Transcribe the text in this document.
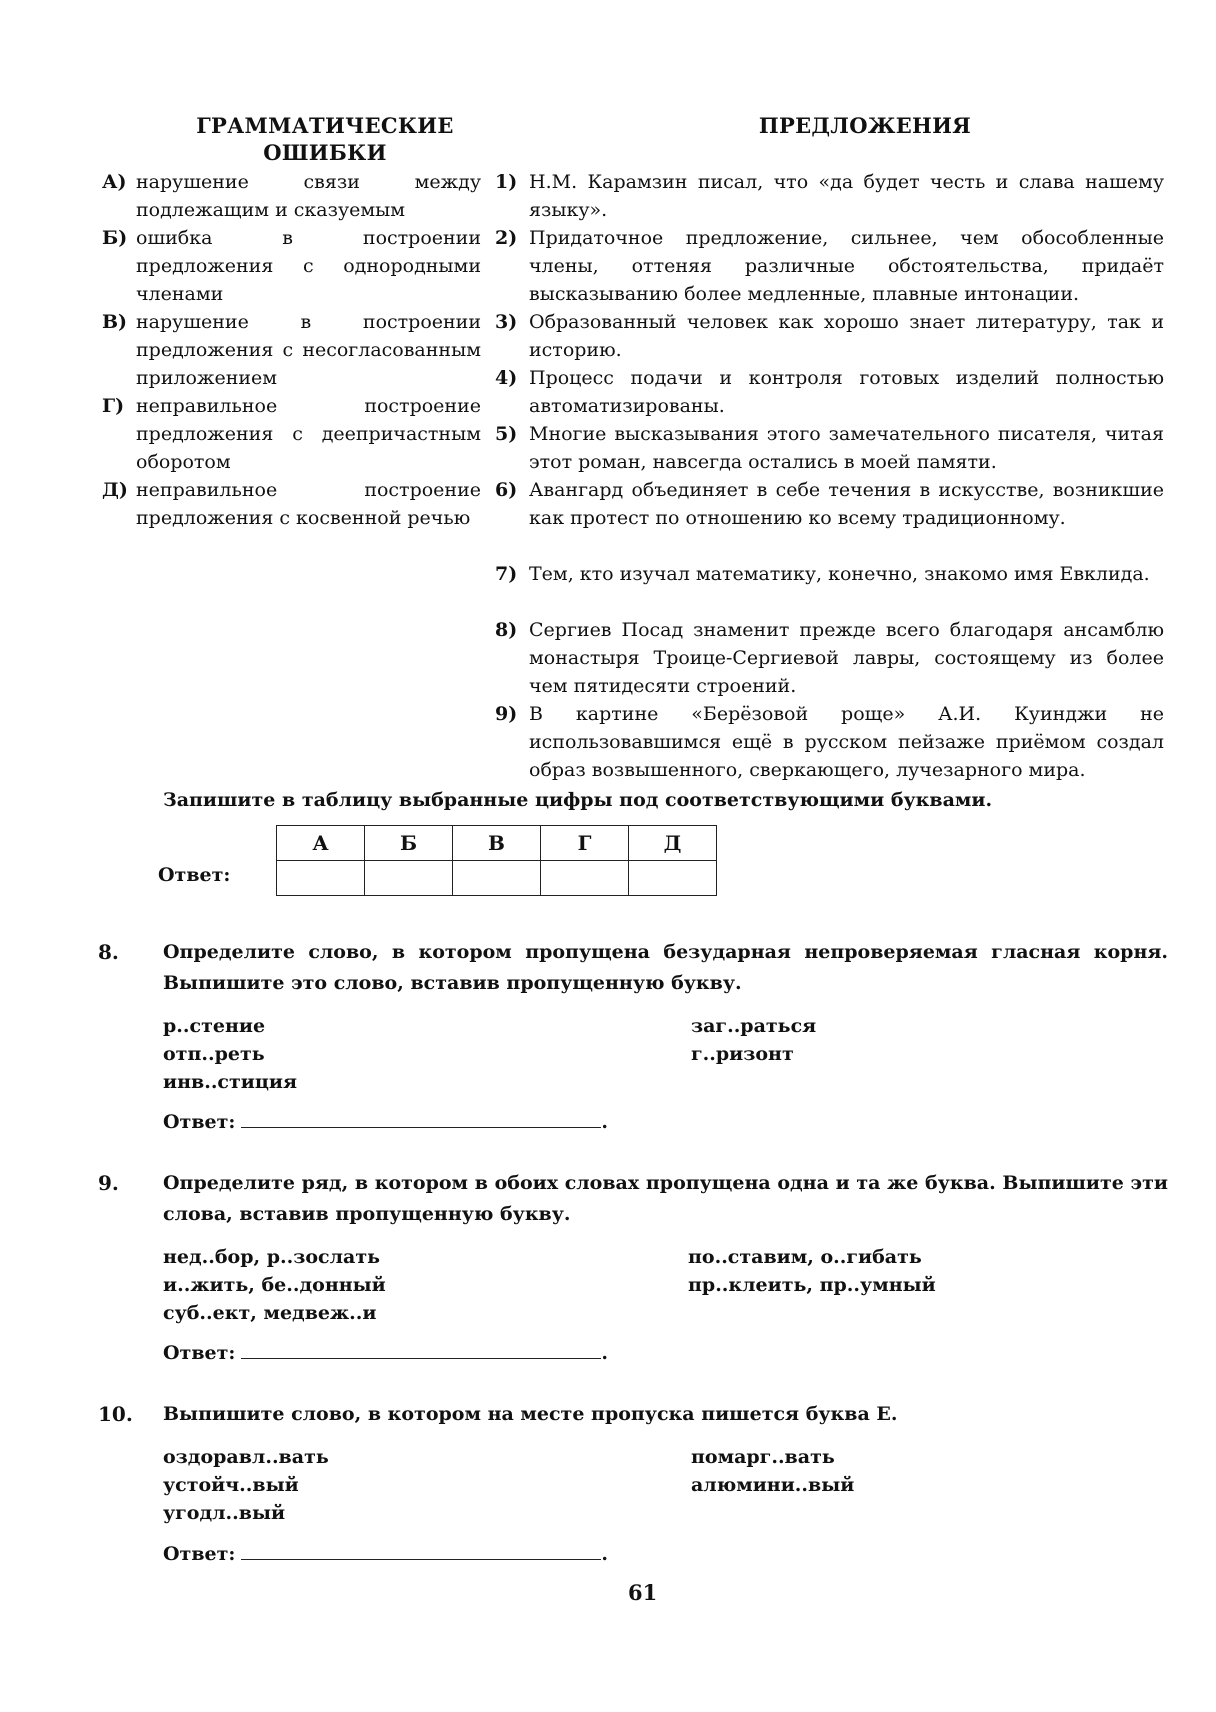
ГРАММАТИЧЕСКИЕ ОШИБКИ
ПРЕДЛОЖЕНИЯ
А) нарушение связи между подлежащим и сказуемым
Б) ошибка в построении предложения с однородными членами
В) нарушение в построении предложения с несогласованным приложением
Г) неправильное построение предложения с деепричастным оборотом
Д) неправильное построение предложения с косвенной речью
1) Н.М. Карамзин писал, что «да будет честь и слава нашему языку».
2) Придаточное предложение, сильнее, чем обособленные члены, оттеняя различные обстоятельства, придаёт высказыванию более медленные, плавные интонации.
3) Образованный человек как хорошо знает литературу, так и историю.
4) Процесс подачи и контроля готовых изделий полностью автоматизированы.
5) Многие высказывания этого замечательного писателя, читая этот роман, навсегда остались в моей памяти.
6) Авангард объединяет в себе течения в искусстве, возникшие как протест по отношению ко всему традиционному.
7) Тем, кто изучал математику, конечно, знакомо имя Евклида.
8) Сергиев Посад знаменит прежде всего благодаря ансамблю монастыря Троице-Сергиевой лавры, состоящему из более чем пятидесяти строений.
9) В картине «Берёзовой роще» А.И. Куинджи не использовавшимся ещё в русском пейзаже приёмом создал образ возвышенного, сверкающего, лучезарного мира.
Запишите в таблицу выбранные цифры под соответствующими буквами.
Ответ:
А	Б	В	Г	Д

8. Определите слово, в котором пропущена безударная непроверяемая гласная корня. Выпишите это слово, вставив пропущенную букву.
р..стение
отп..реть
инв..стиция
заг..раться
г..ризонт
Ответ:	.
9. Определите ряд, в котором в обоих словах пропущена одна и та же буква. Выпишите эти слова, вставив пропущенную букву.
нед..бор, р..зослать
и..жить, бе..донный
суб..ект, медвеж..и
по..ставим, о..гибать
пр..клеить, пр..умный
Ответ:	.
10. Выпишите слово, в котором на месте пропуска пишется буква Е.
оздоравл..вать
устойч..вый
угодл..вый
помарг..вать
алюмини..вый
Ответ:	.
61
